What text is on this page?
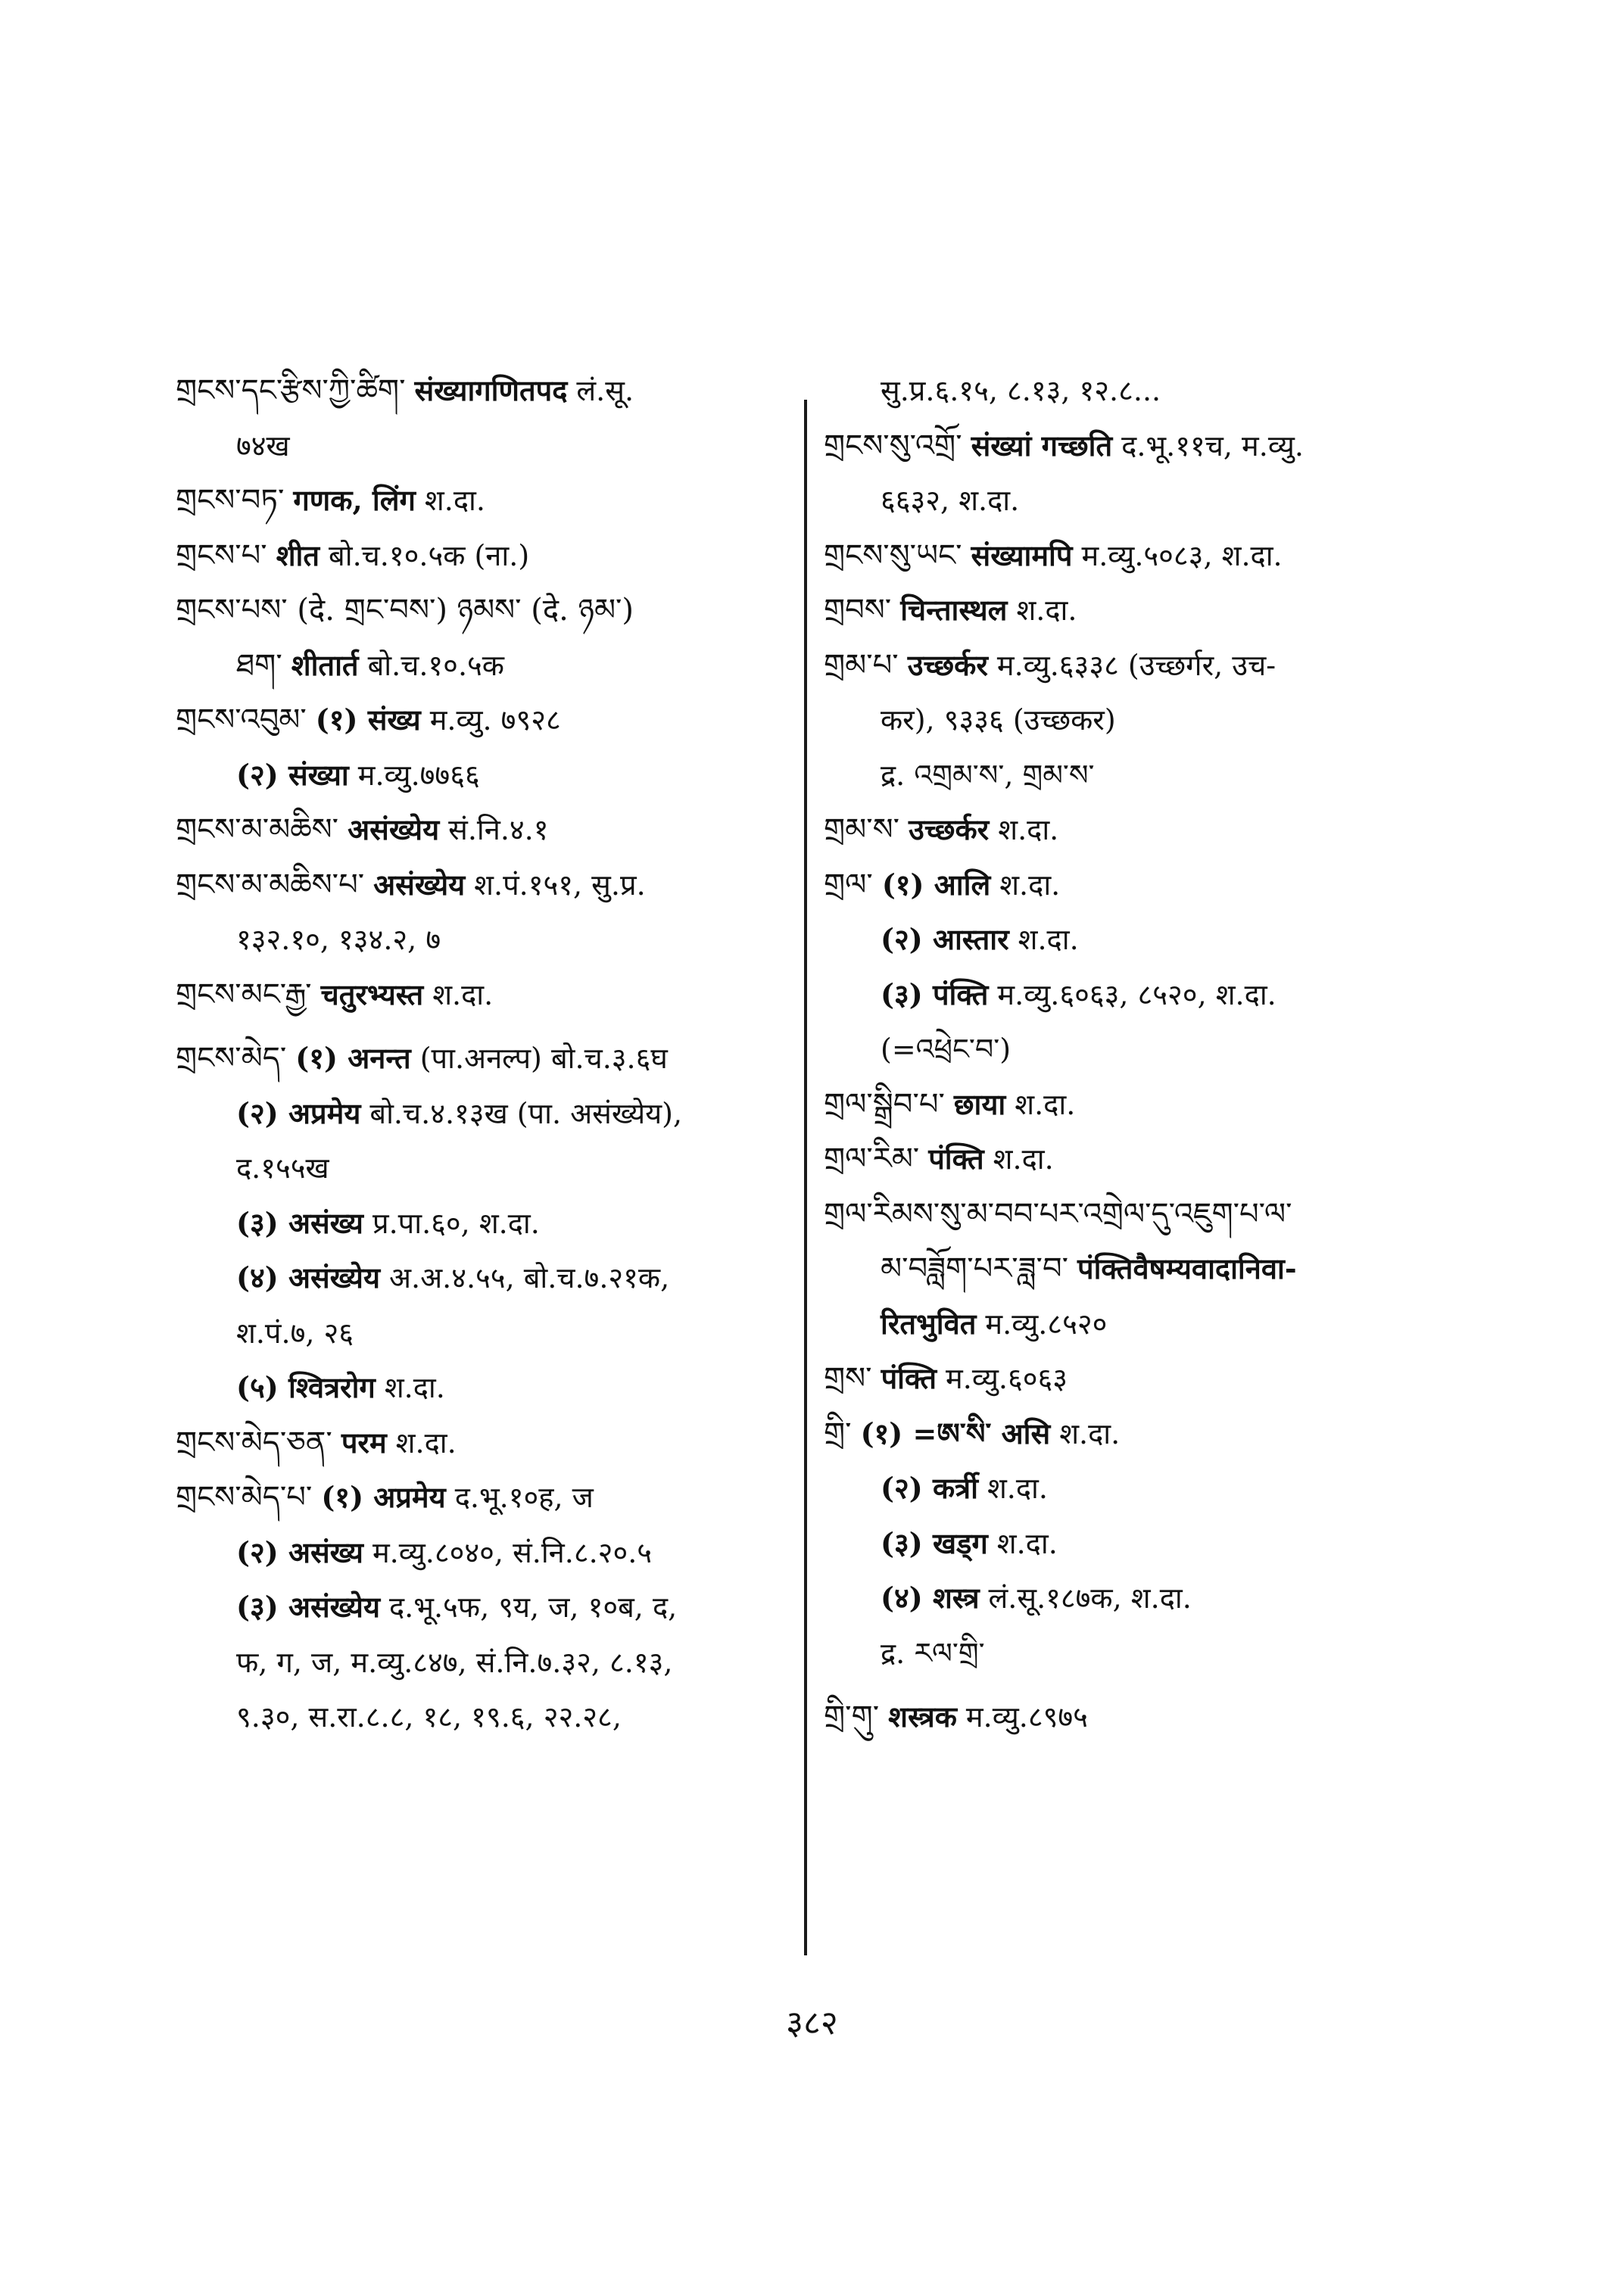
གྲངས་དང་རྩིས་ཀྱི་ཚིག་ संख्यागणितपद लं.सू.
७४ख
གྲངས་བཏ་ गणक, लिंग श.दा.
གྲངས་པ་ शीत बो.च.१०.५क (ना.)
གྲངས་པས་ (दे. གྲང་བས་) ཉམས་ (दे. ཉམ་)
ཐག་ शीतार्त बो.च.१०.५क
གྲངས་འབུམ་ (१) संख्य म.व्यु. ७९२८
(२) संख्या म.व्यु.७७६६
གྲངས་མ་མཆིས་ असंख्येय सं.नि.४.१
གྲངས་མ་མཆིས་པ་ असंख्येय श.पं.१५१, सु.प्र.
१३२.१०, १३४.२, ७
གྲངས་མང་རྒྱ་ चतुरभ्यस्त श.दा.
གྲངས་མེད་ (१) अनन्त (पा.अनल्प) बो.च.३.६घ
(२) अप्रमेय बो.च.४.१३ख (पा. असंख्येय),
द.१५५ख
(३) असंख्य प्र.पा.६०, श.दा.
(४) असंख्येय अ.अ.४.५५, बो.च.७.२१क,
श.पं.७, २६
(५) श्वित्ररोग श.दा.
གྲངས་མེད་ཅན་ परम श.दा.
གྲངས་མེད་པ་ (१) अप्रमेय द.भू.१०ह, ज
(२) असंख्य म.व्यु.८०४०, सं.नि.८.२०.५
(३) असंख्येय द.भू.५फ, ९य, ज, १०ब, द,
फ, ग, ज, म.व्यु.८४७, सं.नि.७.३२, ८.१३,
९.३०, स.रा.८.८, १८, १९.६, २२.२८,
सु.प्र.६.१५, ८.१३, १२.८...
གྲངས་སུ་འགྲོ་ संख्यां गच्छति द.भू.११च, म.व्यु.
६६३२, श.दा.
གྲངས་སུ་ཡང་ संख्यामपि म.व्यु.५०८३, श.दा.
གྲབས་ चिन्तास्थल श.दा.
གྲམ་པ་ उच्छर्कर म.व्यु.६३३८ (उच्छर्गर, उच-
कर), ९३३६ (उच्छकर)
द्र. འགྲམ་ས་, གྲམ་ས་
གྲམ་ས་ उच्छर्कर श.दा.
གྲལ་ (१) आलि श.दा.
(२) आस्तार श.दा.
(३) पंक्ति म.व्यु.६०६३, ८५२०, श.दा.
(=འཕྲེང་བ་)
གྲལ་སྒྲིབ་པ་ छाया श.दा.
གྲལ་རིམ་ पंक्ति श.दा.
གྲལ་རིམས་སུ་མ་བབ་པར་འགྲེལ་དུ་འཇུག་པ་ལ་
མ་བཟློག་པར་ཟླ་བ་ पंक्तिवैषम्यवादानिवा-
रितभुवित म.व्यु.८५२०
གྲས་ पंक्ति म.व्यु.६०६३
གྲི་ (१) =ཨ་སི་ असि श.दा.
(२) कर्त्री श.दा.
(३) खड्ग श.दा.
(४) शस्त्र लं.सू.१८७क, श.दा.
द्र. རལ་གྲི་
གྲི་གུ་ शस्त्रक म.व्यु.८९७५
३८२
